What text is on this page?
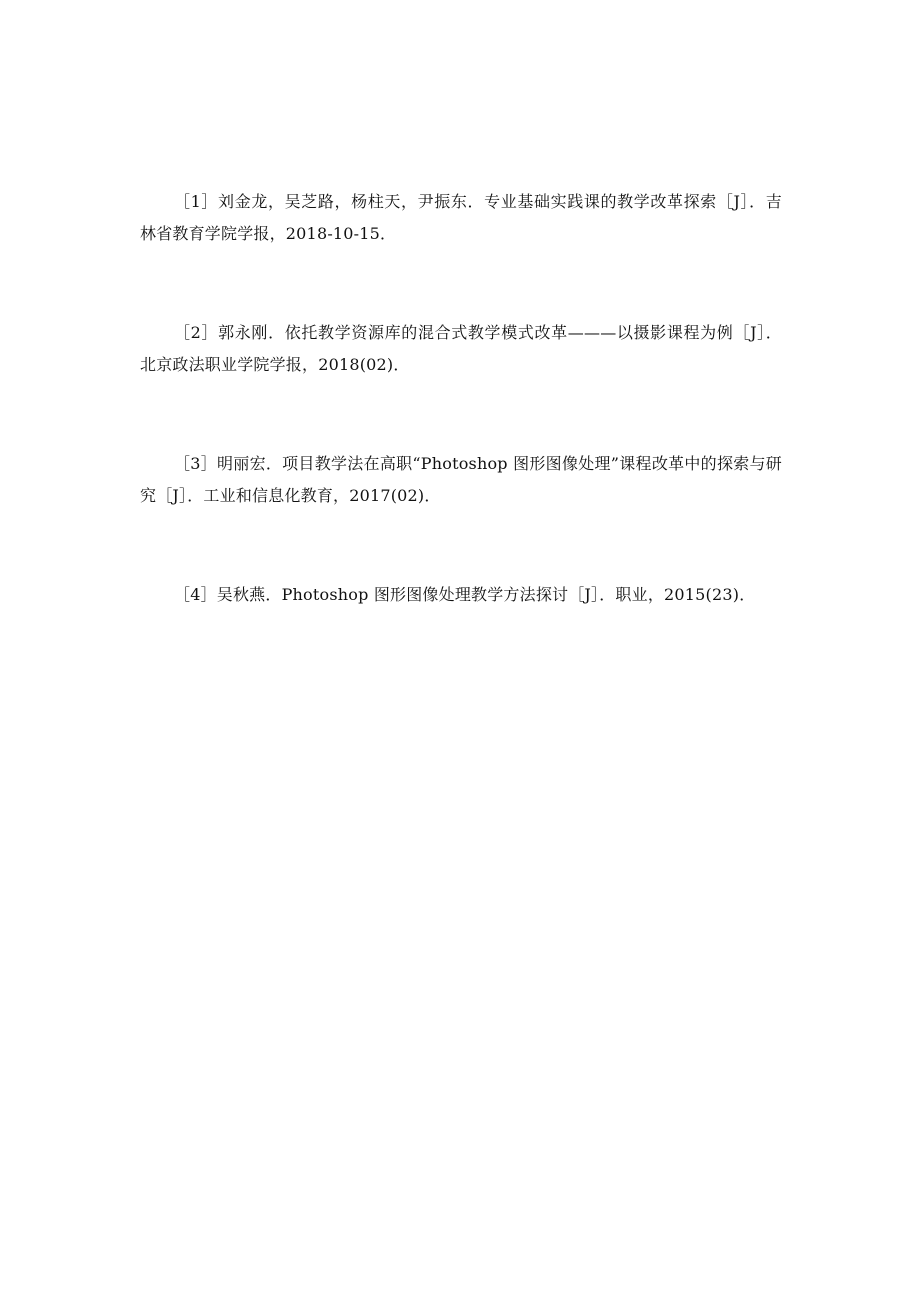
［1］刘金龙，吴芝路，杨柱天，尹振东．专业基础实践课的教学改革探索［J］．吉林省教育学院学报，2018-10-15．

［2］郭永刚．依托教学资源库的混合式教学模式改革———以摄影课程为例［J］．北京政法职业学院学报，2018(02)．

［3］明丽宏．项目教学法在高职“Photoshop 图形图像处理”课程改革中的探索与研究［J］．工业和信息化教育，2017(02)．

［4］吴秋燕．Photoshop 图形图像处理教学方法探讨［J］．职业，2015(23)．
